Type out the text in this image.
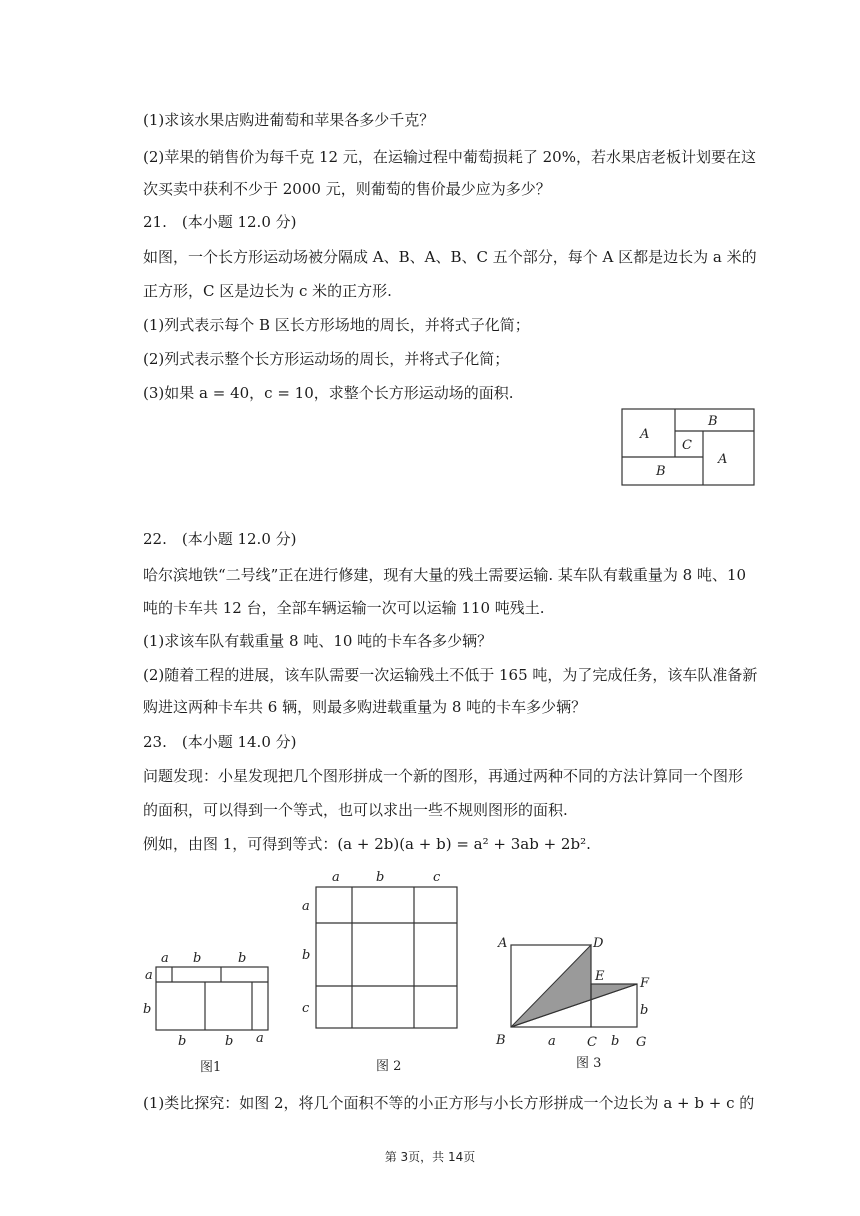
(1)求该水果店购进葡萄和苹果各多少千克？
(2)苹果的销售价为每千克 12 元，在运输过程中葡萄损耗了 20%，若水果店老板计划要在这
次买卖中获利不少于 2000 元，则葡萄的售价最少应为多少？
21.　(本小题 12.0 分)
如图，一个长方形运动场被分隔成 A、B、A、B、C 五个部分，每个 A 区都是边长为 a 米的
正方形，C 区是边长为 c 米的正方形.
(1)列式表示每个 B 区长方形场地的周长，并将式子化简；
(2)列式表示整个长方形运动场的周长，并将式子化简；
(3)如果 a = 40，c = 10，求整个长方形运动场的面积.
A
B
C
B
A
22.　(本小题 12.0 分)
哈尔滨地铁“二号线”正在进行修建，现有大量的残土需要运输. 某车队有载重量为 8 吨、10
吨的卡车共 12 台，全部车辆运输一次可以运输 110 吨残土.
(1)求该车队有载重量 8 吨、10 吨的卡车各多少辆？
(2)随着工程的进展，该车队需要一次运输残土不低于 165 吨，为了完成任务，该车队准备新
购进这两种卡车共 6 辆，则最多购进载重量为 8 吨的卡车多少辆？
23.　(本小题 14.0 分)
问题发现：小星发现把几个图形拼成一个新的图形，再通过两种不同的方法计算同一个图形
的面积，可以得到一个等式，也可以求出一些不规则图形的面积.
例如，由图 1，可得到等式：(a + 2b)(a + b) = a² + 3ab + 2b².
a b	b
a
b
b	b a
图1
a	b	c
a
b
c
图 2
A	D
E	F
B	C	G
a	b
b
图 3
(1)类比探究：如图 2，将几个面积不等的小正方形与小长方形拼成一个边长为 a + b + c 的
第 3页，共 14页
